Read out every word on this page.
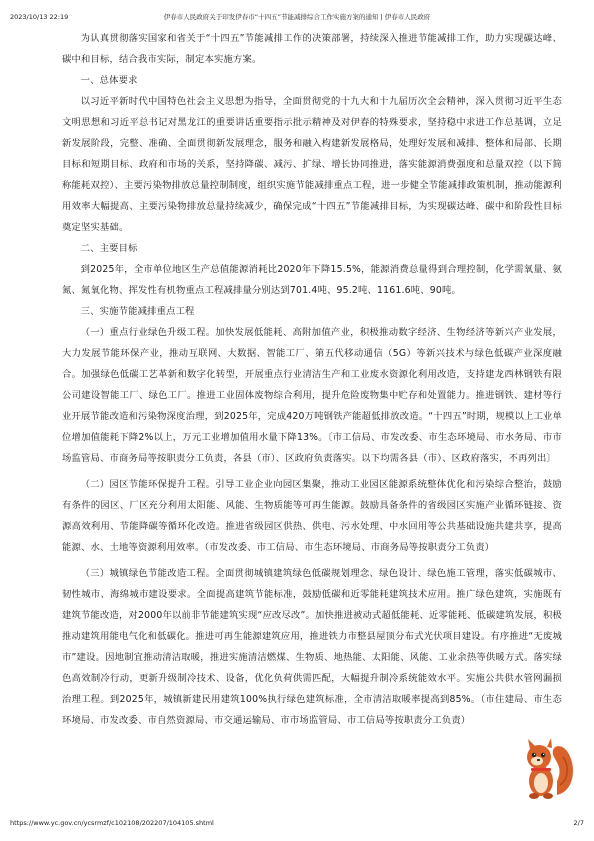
2023/10/13 22:19	伊春市人民政府关于印发伊春市“十四五”节能减排综合工作实施方案的通知 | 伊春市人民政府

为认真贯彻落实国家和省关于“十四五”节能减排工作的决策部署，持续深入推进节能减排工作，助力实现碳达峰、碳中和目标，结合我市实际，制定本实施方案。

一、总体要求

以习近平新时代中国特色社会主义思想为指导，全面贯彻党的十九大和十九届历次全会精神，深入贯彻习近平生态文明思想和习近平总书记对黑龙江的重要讲话重要指示批示精神及对伊春的特殊要求，坚持稳中求进工作总基调，立足新发展阶段，完整、准确、全面贯彻新发展理念，服务和融入构建新发展格局，处理好发展和减排、整体和局部、长期目标和短期目标、政府和市场的关系，坚持降碳、减污、扩绿、增长协同推进，落实能源消费强度和总量双控（以下简称能耗双控）、主要污染物排放总量控制制度，组织实施节能减排重点工程，进一步健全节能减排政策机制，推动能源利用效率大幅提高、主要污染物排放总量持续减少，确保完成“十四五”节能减排目标，为实现碳达峰、碳中和阶段性目标奠定坚实基础。

二、主要目标

到2025年，全市单位地区生产总值能源消耗比2020年下降15.5%，能源消费总量得到合理控制，化学需氧量、氨氮、氮氧化物、挥发性有机物重点工程减排量分别达到701.4吨、95.2吨、1161.6吨、90吨。

三、实施节能减排重点工程

（一）重点行业绿色升级工程。加快发展低能耗、高附加值产业，积极推动数字经济、生物经济等新兴产业发展，大力发展节能环保产业，推动互联网、大数据、智能工厂、第五代移动通信（5G）等新兴技术与绿色低碳产业深度融合。加强绿色低碳工艺革新和数字化转型，开展重点行业清洁生产和工业废水资源化利用改造，支持建龙西林钢铁有限公司建设智能工厂、绿色工厂。推进工业固体废物综合利用，提升危险废物集中贮存和处置能力。推进钢铁、建材等行业开展节能改造和污染物深度治理，到2025年，完成420万吨钢铁产能超低排放改造。“十四五”时期，规模以上工业单位增加值能耗下降2%以上，万元工业增加值用水量下降13%。〔市工信局、市发改委、市生态环境局、市水务局、市市场监管局、市商务局等按职责分工负责，各县（市）、区政府负责落实。以下均需各县（市）、区政府落实，不再列出〕

（二）园区节能环保提升工程。引导工业企业向园区集聚，推动工业园区能源系统整体优化和污染综合整治，鼓励有条件的园区、厂区充分利用太阳能、风能、生物质能等可再生能源。鼓励具备条件的省级园区实施产业循环链接、资源高效利用、节能降碳等循环化改造。推进省级园区供热、供电、污水处理、中水回用等公共基础设施共建共享，提高能源、水、土地等资源利用效率。（市发改委、市工信局、市生态环境局、市商务局等按职责分工负责）

（三）城镇绿色节能改造工程。全面贯彻城镇建筑绿色低碳规划理念、绿色设计、绿色施工管理，落实低碳城市、韧性城市、海绵城市建设要求。全面提高建筑节能标准，鼓励低碳和近零能耗建筑技术应用。推广绿色建筑，实施既有建筑节能改造，对2000年以前非节能建筑实现“应改尽改”。加快推进被动式超低能耗、近零能耗、低碳建筑发展，积极推动建筑用能电气化和低碳化。推进可再生能源建筑应用，推进铁力市整县屋顶分布式光伏项目建设。有序推进“无废城市”建设。因地制宜推动清洁取暖，推进实施清洁燃煤、生物质、地热能、太阳能、风能、工业余热等供暖方式。落实绿色高效制冷行动，更新升级制冷技术、设备，优化负荷供需匹配，大幅提升制冷系统能效水平。实施公共供水管网漏损治理工程。到2025年，城镇新建民用建筑100%执行绿色建筑标准，全市清洁取暖率提高到85%。（市住建局、市生态环境局、市发改委、市自然资源局、市交通运输局、市市场监管局、市工信局等按职责分工负责）

https://www.yc.gov.cn/ycsrmzf/c102108/202207/104105.shtml	2/7
